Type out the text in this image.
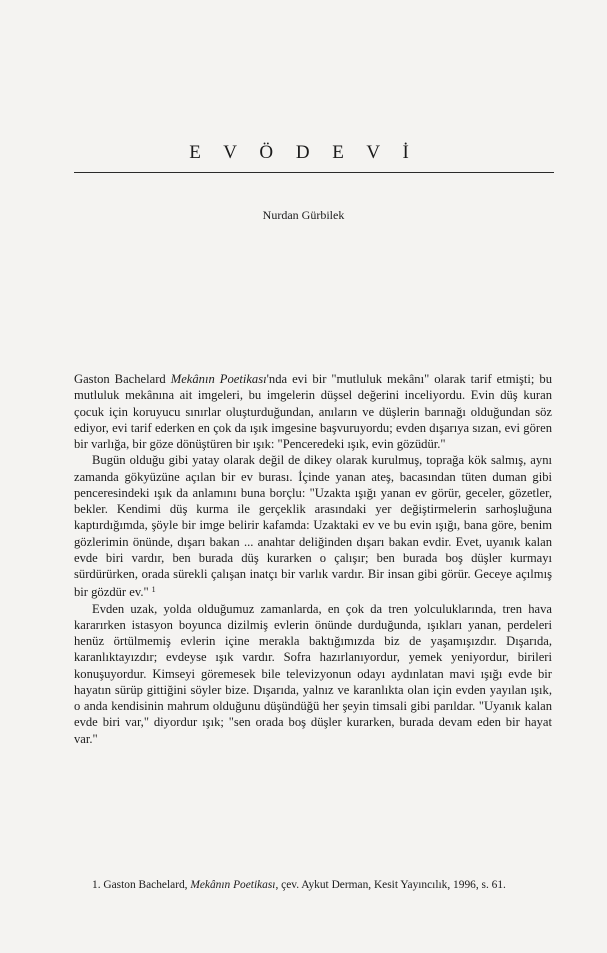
E V Ö D E V İ
Nurdan Gürbilek

Gaston Bachelard Mekânın Poetikası'nda evi bir "mutluluk mekânı" olarak tarif etmişti; bu mutluluk mekânına ait imgeleri, bu imgelerin düşsel değerini inceliyordu. Evin düş kuran çocuk için koruyucu sınırlar oluşturduğundan, anıların ve düşlerin barınağı olduğundan söz ediyor, evi tarif ederken en çok da ışık imgesine başvuruyordu; evden dışarıya sızan, evi gören bir varlığa, bir göze dönüştüren bir ışık: "Penceredeki ışık, evin gözüdür."

Bugün olduğu gibi yatay olarak değil de dikey olarak kurulmuş, toprağa kök salmış, aynı zamanda gökyüzüne açılan bir ev burası. İçinde yanan ateş, bacasından tüten duman gibi penceresindeki ışık da anlamını buna borçlu: "Uzakta ışığı yanan ev görür, geceler, gözetler, bekler. Kendimi düş kurma ile gerçeklik arasındaki yer değiştirmelerin sarhoşluğuna kaptırdığımda, şöyle bir imge belirir kafamda: Uzaktaki ev ve bu evin ışığı, bana göre, benim gözlerimin önünde, dışarı bakan ... anahtar deliğinden dışarı bakan evdir. Evet, uyanık kalan evde biri vardır, ben burada düş kurarken o çalışır; ben burada boş düşler kurmayı sürdürürken, orada sürekli çalışan inatçı bir varlık vardır. Bir insan gibi görür. Geceye açılmış bir gözdür ev." $^1$

Evden uzak, yolda olduğumuz zamanlarda, en çok da tren yolculuklarında, tren hava kararırken istasyon boyunca dizilmiş evlerin önünde durduğunda, ışıkları yanan, perdeleri henüz örtülmemiş evlerin içine merakla baktığımızda biz de yaşamışızdır. Dışarıda, karanlıktayızdır; evdeyse ışık vardır. Sofra hazırlanıyordur, yemek yeniyordur, birileri konuşuyordur. Kimseyi göremesek bile televizyonun odayı aydınlatan mavi ışığı evde bir hayatın sürüp gittiğini söyler bize. Dışarıda, yalnız ve karanlıkta olan için evden yayılan ışık, o anda kendisinin mahrum olduğunu düşündüğü her şeyin timsali gibi parıldar. "Uyanık kalan evde biri var," diyordur ışık; "sen orada boş düşler kurarken, burada devam eden bir hayat var."

1. Gaston Bachelard, Mekânın Poetikası, çev. Aykut Derman, Kesit Yayıncılık, 1996, s. 61.
